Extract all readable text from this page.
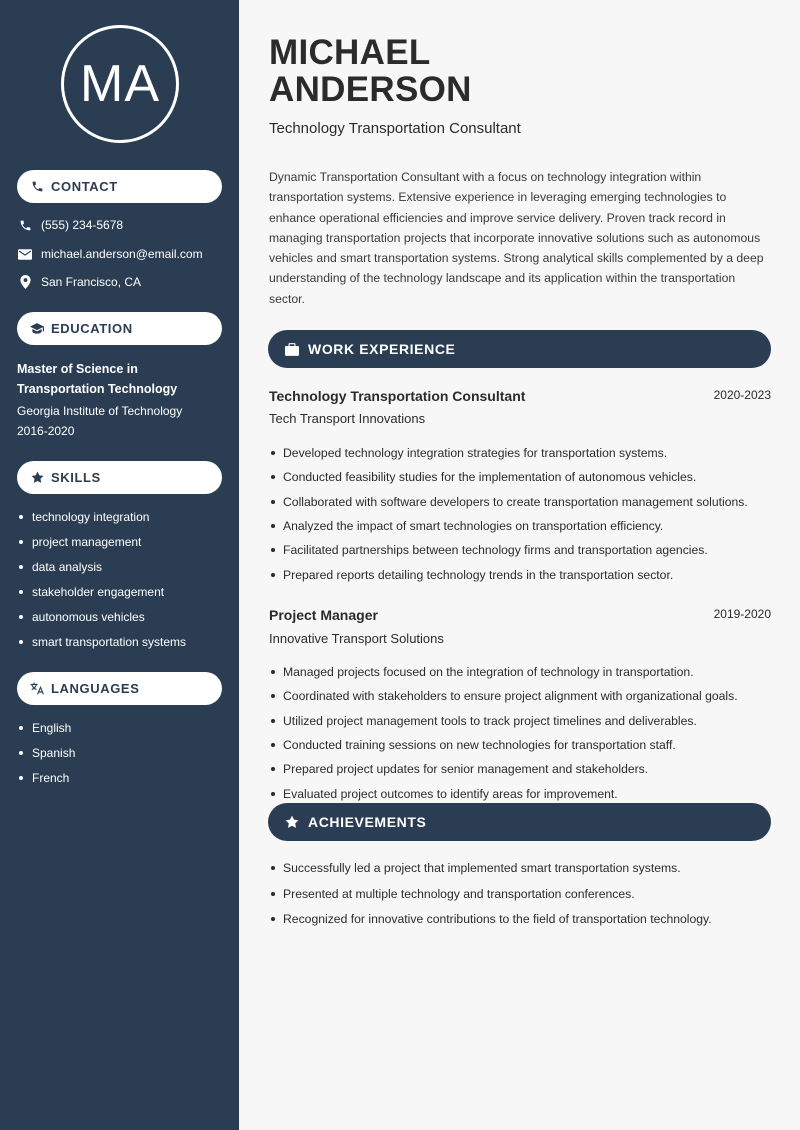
MA
CONTACT
(555) 234-5678
michael.anderson@email.com
San Francisco, CA
EDUCATION
Master of Science in Transportation Technology
Georgia Institute of Technology
2016-2020
SKILLS
technology integration
project management
data analysis
stakeholder engagement
autonomous vehicles
smart transportation systems
LANGUAGES
English
Spanish
French
MICHAEL
ANDERSON
Technology Transportation Consultant

Dynamic Transportation Consultant with a focus on technology integration within transportation systems. Extensive experience in leveraging emerging technologies to enhance operational efficiencies and improve service delivery. Proven track record in managing transportation projects that incorporate innovative solutions such as autonomous vehicles and smart transportation systems. Strong analytical skills complemented by a deep understanding of the technology landscape and its application within the transportation sector.

WORK EXPERIENCE
Technology Transportation Consultant	2020-2023
Tech Transport Innovations
Developed technology integration strategies for transportation systems.
Conducted feasibility studies for the implementation of autonomous vehicles.
Collaborated with software developers to create transportation management solutions.
Analyzed the impact of smart technologies on transportation efficiency.
Facilitated partnerships between technology firms and transportation agencies.
Prepared reports detailing technology trends in the transportation sector.
Project Manager	2019-2020
Innovative Transport Solutions
Managed projects focused on the integration of technology in transportation.
Coordinated with stakeholders to ensure project alignment with organizational goals.
Utilized project management tools to track project timelines and deliverables.
Conducted training sessions on new technologies for transportation staff.
Prepared project updates for senior management and stakeholders.
Evaluated project outcomes to identify areas for improvement.
ACHIEVEMENTS
Successfully led a project that implemented smart transportation systems.
Presented at multiple technology and transportation conferences.
Recognized for innovative contributions to the field of transportation technology.
